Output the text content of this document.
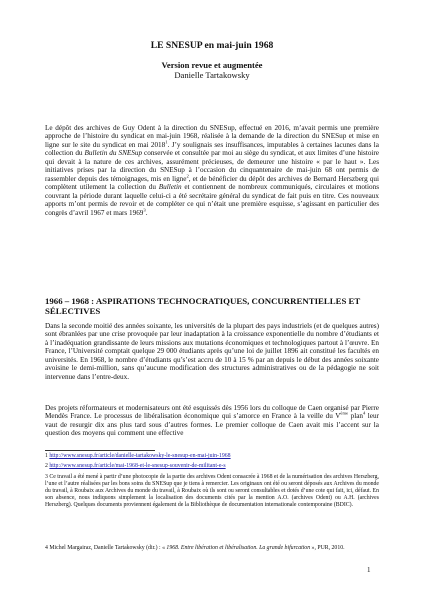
LE SNESUP en mai-juin 1968
Version revue et augmentée
Danielle Tartakowsky

Le dépôt des archives de Guy Odent à la direction du SNESup, effectué en 2016, m’avait permis une première approche de l’histoire du syndicat en mai-juin 1968, réalisée à la demande de la direction du SNESup et mise en ligne sur le site du syndicat en mai 2018$^1$. J’y soulignais ses insuffisances, imputables à certaines lacunes dans la collection du Bulletin du SNESup conservée et consultée par moi au siège du syndicat, et aux limites d’une histoire qui devait à la nature de ces archives, assurément précieuses, de demeurer une histoire « par le haut ». Les initiatives prises par la direction du SNESup à l’occasion du cinquantenaire de mai-juin 68 ont permis de rassembler depuis des témoignages, mis en ligne$^2$, et de bénéficier du dépôt des archives de Bernard Herszberg qui complètent utilement la collection du Bulletin et contiennent de nombreux communiqués, circulaires et motions couvrant la période durant laquelle celui-ci a été secrétaire général du syndicat de fait puis en titre. Ces nouveaux apports m’ont permis de revoir et de compléter ce qui n’était une première esquisse, s’agissant en particulier des congrès d’avril 1967 et mars 1969$^3$.

1966 – 1968 : ASPIRATIONS TECHNOCRATIQUES, CONCURRENTIELLES ET SÉLECTIVES

Dans la seconde moitié des années soixante, les universités de la plupart des pays industriels (et de quelques autres) sont ébranlées par une crise provoquée par leur inadaptation à la croissance exponentielle du nombre d’étudiants et à l’inadéquation grandissante de leurs missions aux mutations économiques et technologiques partout à l’œuvre. En France, l’Université comptait quelque 29 000 étudiants après qu’une loi de juillet 1896 ait constitué les facultés en universités. En 1968, le nombre d’étudiants qu’s’est accru de 10 à 15 % par an depuis le début des années soixante avoisine le demi-million, sans qu’aucune modification des structures administratives ou de la pédagogie ne soit intervenue dans l’entre-deux.

Des projets réformateurs et modernisateurs ont été esquissés dès 1956 lors du colloque de Caen organisé par Pierre Mendès France. Le processus de libéralisation économique qui s’amorce en France à la veille du Vème plan$^4$ leur vaut de resurgir dix ans plus tard sous d’autres formes. Le premier colloque de Caen avait mis l’accent sur la question des moyens qui comment une effective

1 http://www.snesup.fr/article/danielle-tartakowsky-le-snesup-en-mai-juin-1968

2 http://www.snesup.fr/article/mai-1968-et-le-snesup-souvenir-de-militant-e-s

3 Ce travail a été mené à partir d’une photocopie de la partie des archives Odent consacrée à 1968 et de la numérisation des archives Herszberg, l’une et l’autre réalisées par les bons soins du SNESup que je tiens à remercier. Les originaux ont été ou seront déposés aux Archives du monde du travail, à Roubaix aux Archives du monde du travail, à Roubaix où ils sont ou seront consultables et dotés d’une cote qui fait, ici, défaut. En son absence, nous indiquons simplement la localisation des documents cités par la mention A.O. (archives Odent) ou A.H. (archives Herszberg). Quelques documents proviennent également de la Bibliothèque de documentation internationale contemporaine (BDIC).

4 Michel Margairaz, Danielle Tartakowsky (dir.) : « 1968. Entre libération et libéralisation. La grande bifurcation », PUR, 2010.

1
